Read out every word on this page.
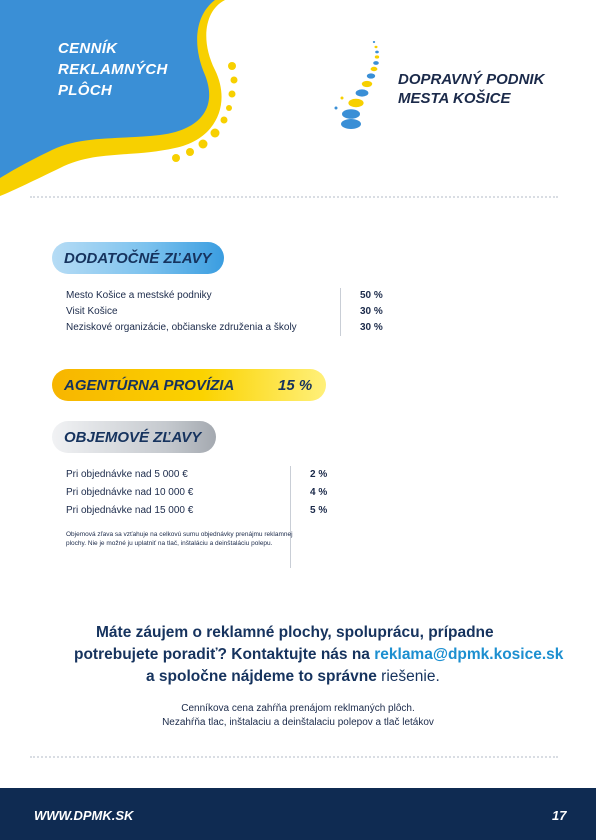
CENNÍK
REKLAMNÝCH
PLÔCH
DOPRAVNÝ PODNIK
MESTA KOŠICE
DODATOČNÉ ZĽAVY
Mesto Košice a mestské podniky
Visit Košice
Neziskové organizácie, občianske združenia a školy
50 %
30 %
30 %
AGENTÚRNA PROVÍZIA	15 %
OBJEMOVÉ ZĽAVY
Pri objednávke nad 5 000 €
Pri objednávke nad 10 000 €
Pri objednávke nad 15 000 €
2 %
4 %
5 %
Objemová zľava sa vzťahuje na celkovú sumu objednávky prenájmu reklamnej plochy. Nie je možné ju uplatniť na tlač, inštaláciu a deinštaláciu polepu.
Máte záujem o reklamné plochy, spoluprácu, prípadne
potrebujete poradiť? Kontaktujte nás na reklama@dpmk.kosice.sk
a spoločne nájdeme to správne riešenie.
Cenníkova cena zahŕňa prenájom reklmaných plôch.
Nezahŕňa tlac, inštalaciu a deinštalaciu polepov a tlač letákov
WWW.DPMK.SK	17
